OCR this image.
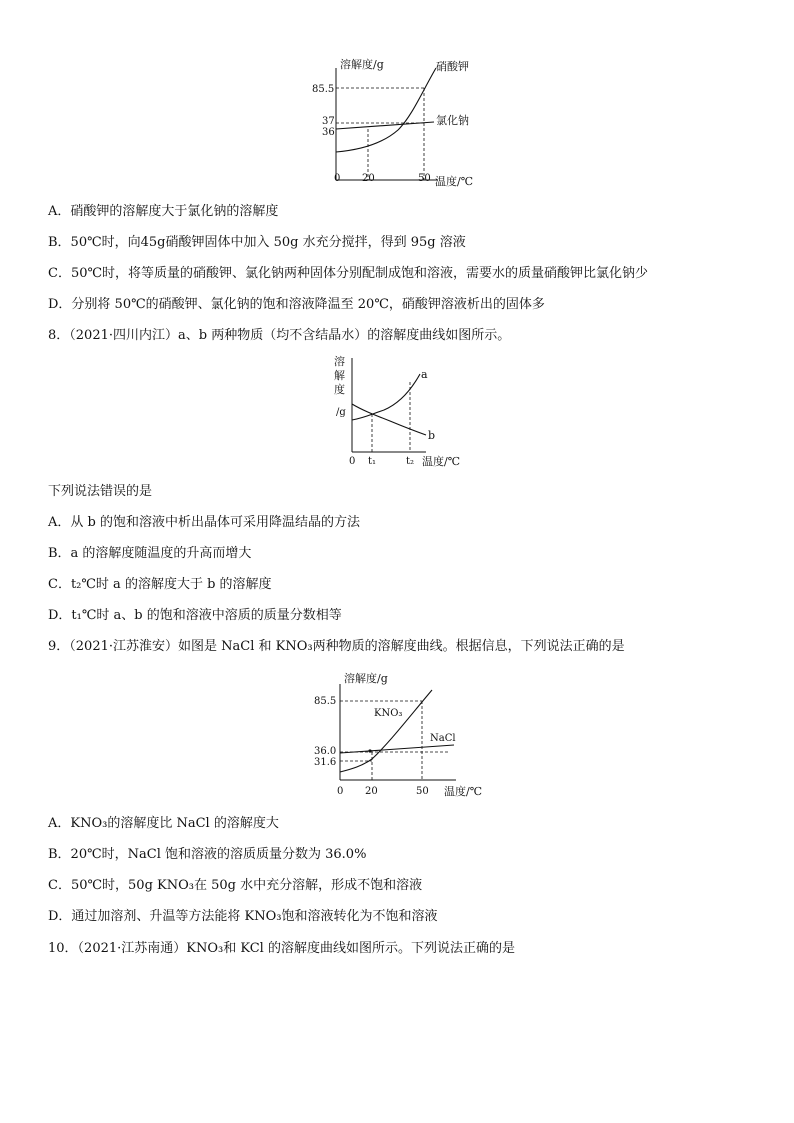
溶解度/g
温度/℃
85.5
37
36
0 20	50
硝酸钾
氯化钠
A．硝酸钾的溶解度大于氯化钠的溶解度
B．50℃时，向45g硝酸钾固体中加入 50g 水充分搅拌，得到 95g 溶液
C．50℃时，将等质量的硝酸钾、氯化钠两种固体分别配制成饱和溶液，需要水的质量硝酸钾比氯化钠少
D．分别将 50℃的硝酸钾、氯化钠的饱和溶液降温至 20℃，硝酸钾溶液析出的固体多
8．（2021·四川内江）a、b 两种物质（均不含结晶水）的溶解度曲线如图所示。
溶
解
度
/g
温度/℃
0 t₁	t₂
a
b
下列说法错误的是
A．从 b 的饱和溶液中析出晶体可采用降温结晶的方法
B．a 的溶解度随温度的升高而增大
C．t₂℃时 a 的溶解度大于 b 的溶解度
D．t₁℃时 a、b 的饱和溶液中溶质的质量分数相等
9．（2021·江苏淮安）如图是 NaCl 和 KNO₃两种物质的溶解度曲线。根据信息，下列说法正确的是
溶解度/g
温度/℃
85.5
36.0
31.6
0 20	50
KNO₃
NaCl
A．KNO₃的溶解度比 NaCl 的溶解度大
B．20℃时，NaCl 饱和溶液的溶质质量分数为 36.0%
C．50℃时，50g KNO₃在 50g 水中充分溶解，形成不饱和溶液
D．通过加溶剂、升温等方法能将 KNO₃饱和溶液转化为不饱和溶液
10．（2021·江苏南通）KNO₃和 KCl 的溶解度曲线如图所示。下列说法正确的是
